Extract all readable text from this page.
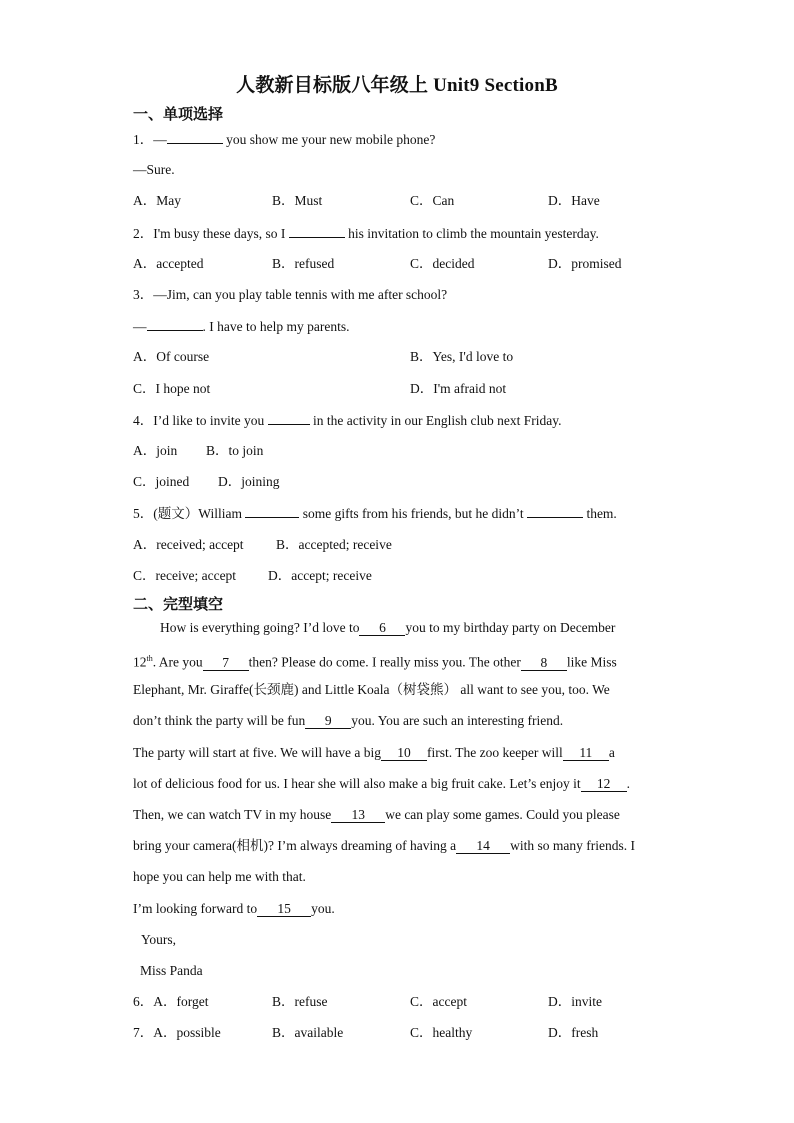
人教新目标版八年级上 Unit9 SectionB
一、单项选择
1．—	you show me your new mobile phone?
—Sure.
A．May	B．Must	C．Can	D．Have
2．I'm busy these days, so I	his invitation to climb the mountain yesterday.
A．accepted	B．refused	C．decided	D．promised
3．—Jim, can you play table tennis with me after school?
—	. I have to help my parents.
A．Of course	B．Yes, I'd love to
C．I hope not	D．I'm afraid not
4．I’d like to invite you	in the activity in our English club next Friday.
A．join B．to join
C．joined D．joining
5．(题文）William	some gifts from his friends, but he didn’t	them.
A．received; accept B．accepted; receive
C．receive; accept D．accept; receive
二、完型填空
How is everything going? I’d love to 6 you to my birthday party on December
12th. Are you 7 then? Please do come. I really miss you. The other 8 like Miss
Elephant, Mr. Giraffe(长颈鹿) and Little Koala（树袋熊） all want to see you, too. We
don’t think the party will be fun 9 you. You are such an interesting friend.
The party will start at five. We will have a big 10 first. The zoo keeper will 11 a
lot of delicious food for us. I hear she will also make a big fruit cake. Let’s enjoy it 12 .
Then, we can watch TV in my house 13 we can play some games. Could you please
bring your camera(相机)? I’m always dreaming of having a 14 with so many friends. I
hope you can help me with that.
I’m looking forward to 15 you.
Yours,
Miss Panda
6．A．forget	B．refuse	C．accept	D．invite
7．A．possible	B．available	C．healthy	D．fresh
